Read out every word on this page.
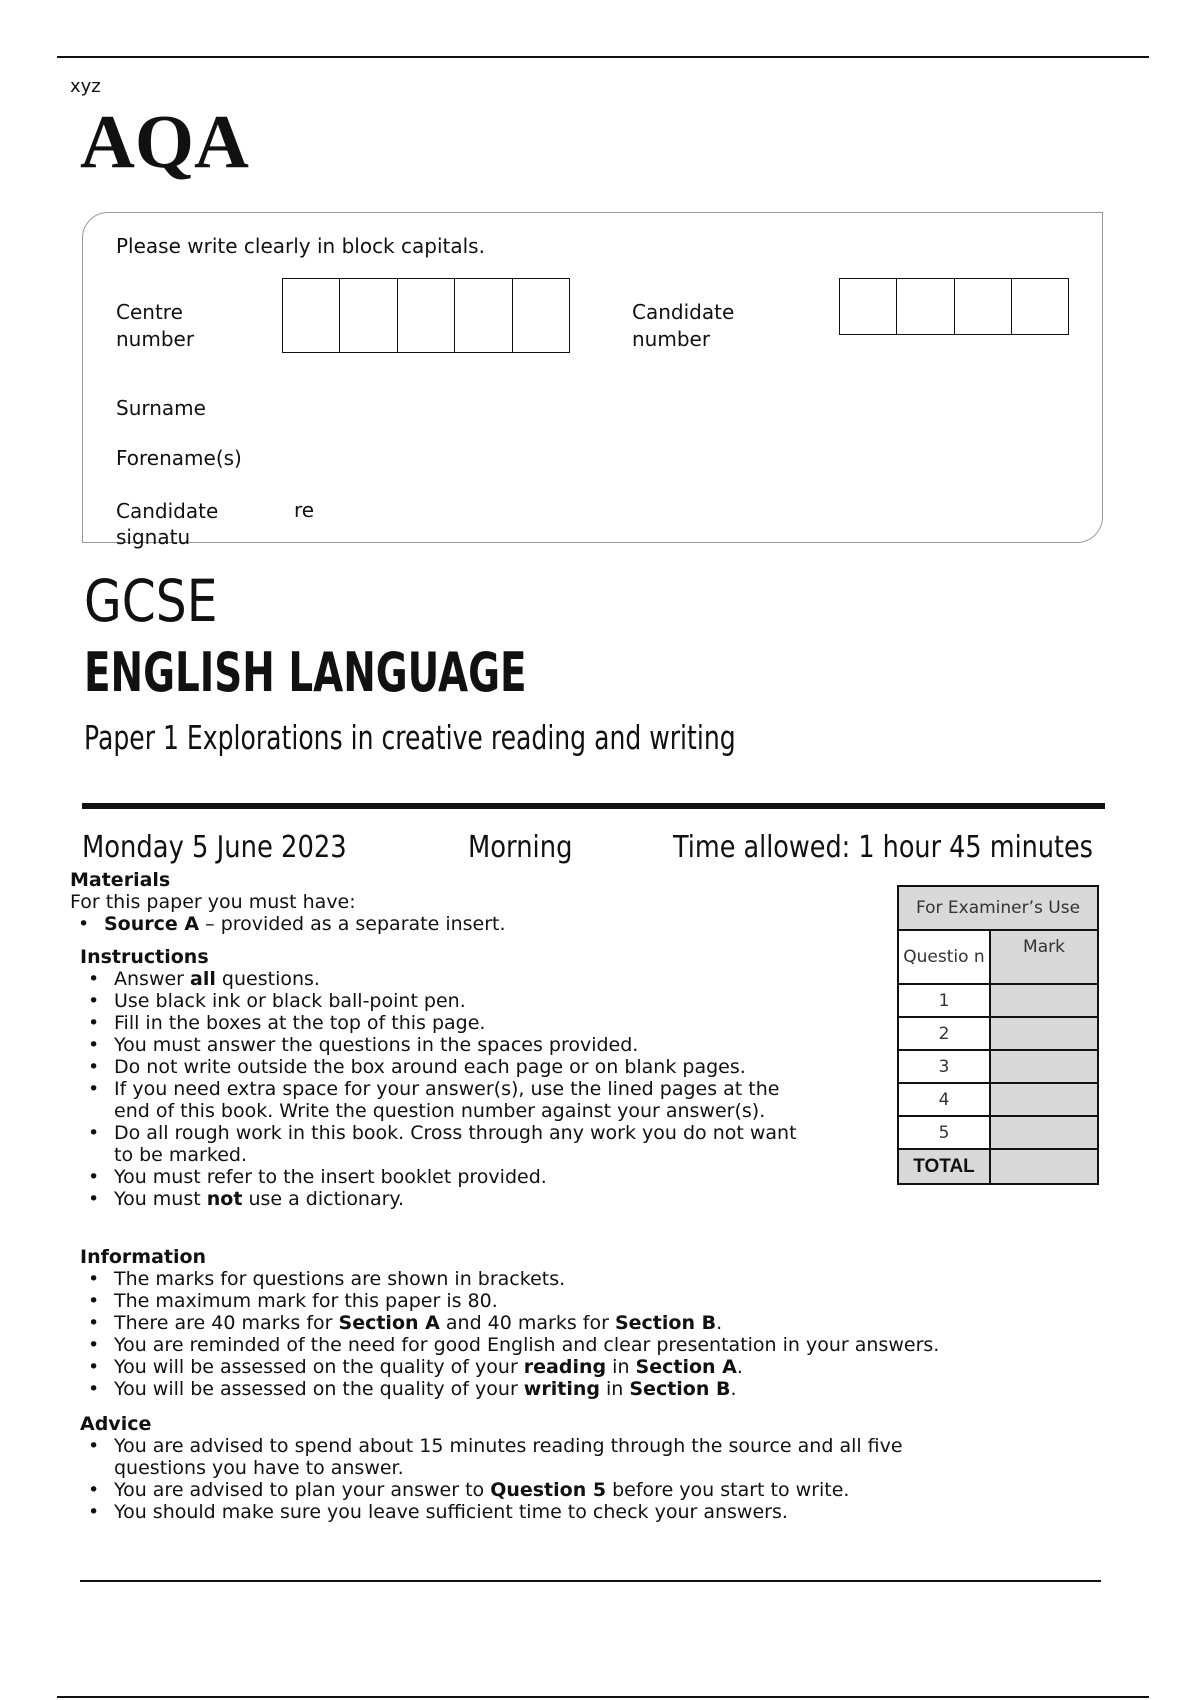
xyz
AQA
Please write clearly in block capitals.
Centre
number
Candidate
number
Surname
Forename(s)
Candidate
signatu
re
GCSE
ENGLISH LANGUAGE
Paper 1 Explorations in creative reading and writing
Monday 5 June 2023	Morning	Time allowed: 1 hour 45 minutes
Materials
For this paper you must have:
• Source A – provided as a separate insert.
Instructions
• Answer all questions.
• Use black ink or black ball-point pen.
• Fill in the boxes at the top of this page.
• You must answer the questions in the spaces provided.
• Do not write outside the box around each page or on blank pages.
• If you need extra space for your answer(s), use the lined pages at the end of this book. Write the question number against your answer(s).
• Do all rough work in this book. Cross through any work you do not want to be marked.
• You must refer to the insert booklet provided.
• You must not use a dictionary.
Information
• The marks for questions are shown in brackets.
• The maximum mark for this paper is 80.
• There are 40 marks for Section A and 40 marks for Section B.
• You are reminded of the need for good English and clear presentation in your answers.
• You will be assessed on the quality of your reading in Section A.
• You will be assessed on the quality of your writing in Section B.
Advice
• You are advised to spend about 15 minutes reading through the source and all five questions you have to answer.
• You are advised to plan your answer to Question 5 before you start to write.
• You should make sure you leave sufficient time to check your answers.
For Examiner’s Use	
Questio n	Mark
1	
2	
3	
4	
5	
TOTAL	
